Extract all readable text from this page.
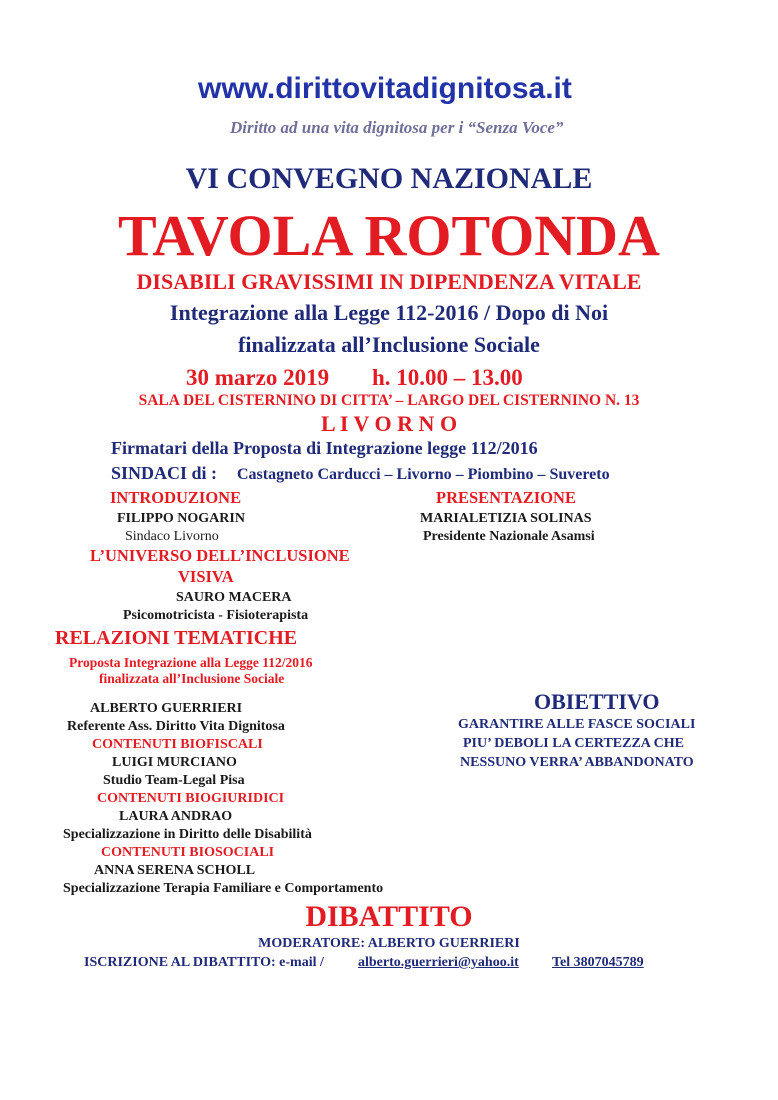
www.dirittovitadignitosa.it
Diritto ad una vita dignitosa per i “Senza Voce”
VI CONVEGNO NAZIONALE
TAVOLA ROTONDA
DISABILI GRAVISSIMI IN DIPENDENZA VITALE
Integrazione alla Legge 112-2016 / Dopo di Noi
finalizzata all’Inclusione Sociale
30 marzo 2019 h. 10.00 – 13.00
SALA DEL CISTERNINO DI CITTA’ – LARGO DEL CISTERNINO N. 13
L I V O R N O
Firmatari della Proposta di Integrazione legge 112/2016
SINDACI di : Castagneto Carducci – Livorno – Piombino – Suvereto
INTRODUZIONE
FILIPPO NOGARIN
Sindaco Livorno
PRESENTAZIONE
MARIALETIZIA SOLINAS
Presidente Nazionale Asamsi
L’UNIVERSO DELL’INCLUSIONE
VISIVA
SAURO MACERA
Psicomotricista - Fisioterapista
RELAZIONI TEMATICHE
Proposta Integrazione alla Legge 112/2016
finalizzata all’Inclusione Sociale
ALBERTO GUERRIERI
Referente Ass. Diritto Vita Dignitosa
CONTENUTI BIOFISCALI
LUIGI MURCIANO
Studio Team-Legal Pisa
CONTENUTI BIOGIURIDICI
LAURA ANDRAO
Specializzazione in Diritto delle Disabilità
CONTENUTI BIOSOCIALI
ANNA SERENA SCHOLL
Specializzazione Terapia Familiare e Comportamento
OBIETTIVO
GARANTIRE ALLE FASCE SOCIALI
PIU’ DEBOLI LA CERTEZZA CHE
NESSUNO VERRA’ ABBANDONATO
DIBATTITO
MODERATORE: ALBERTO GUERRIERI
ISCRIZIONE AL DIBATTITO: e-mail / alberto.guerrieri@yahoo.it Tel 3807045789
